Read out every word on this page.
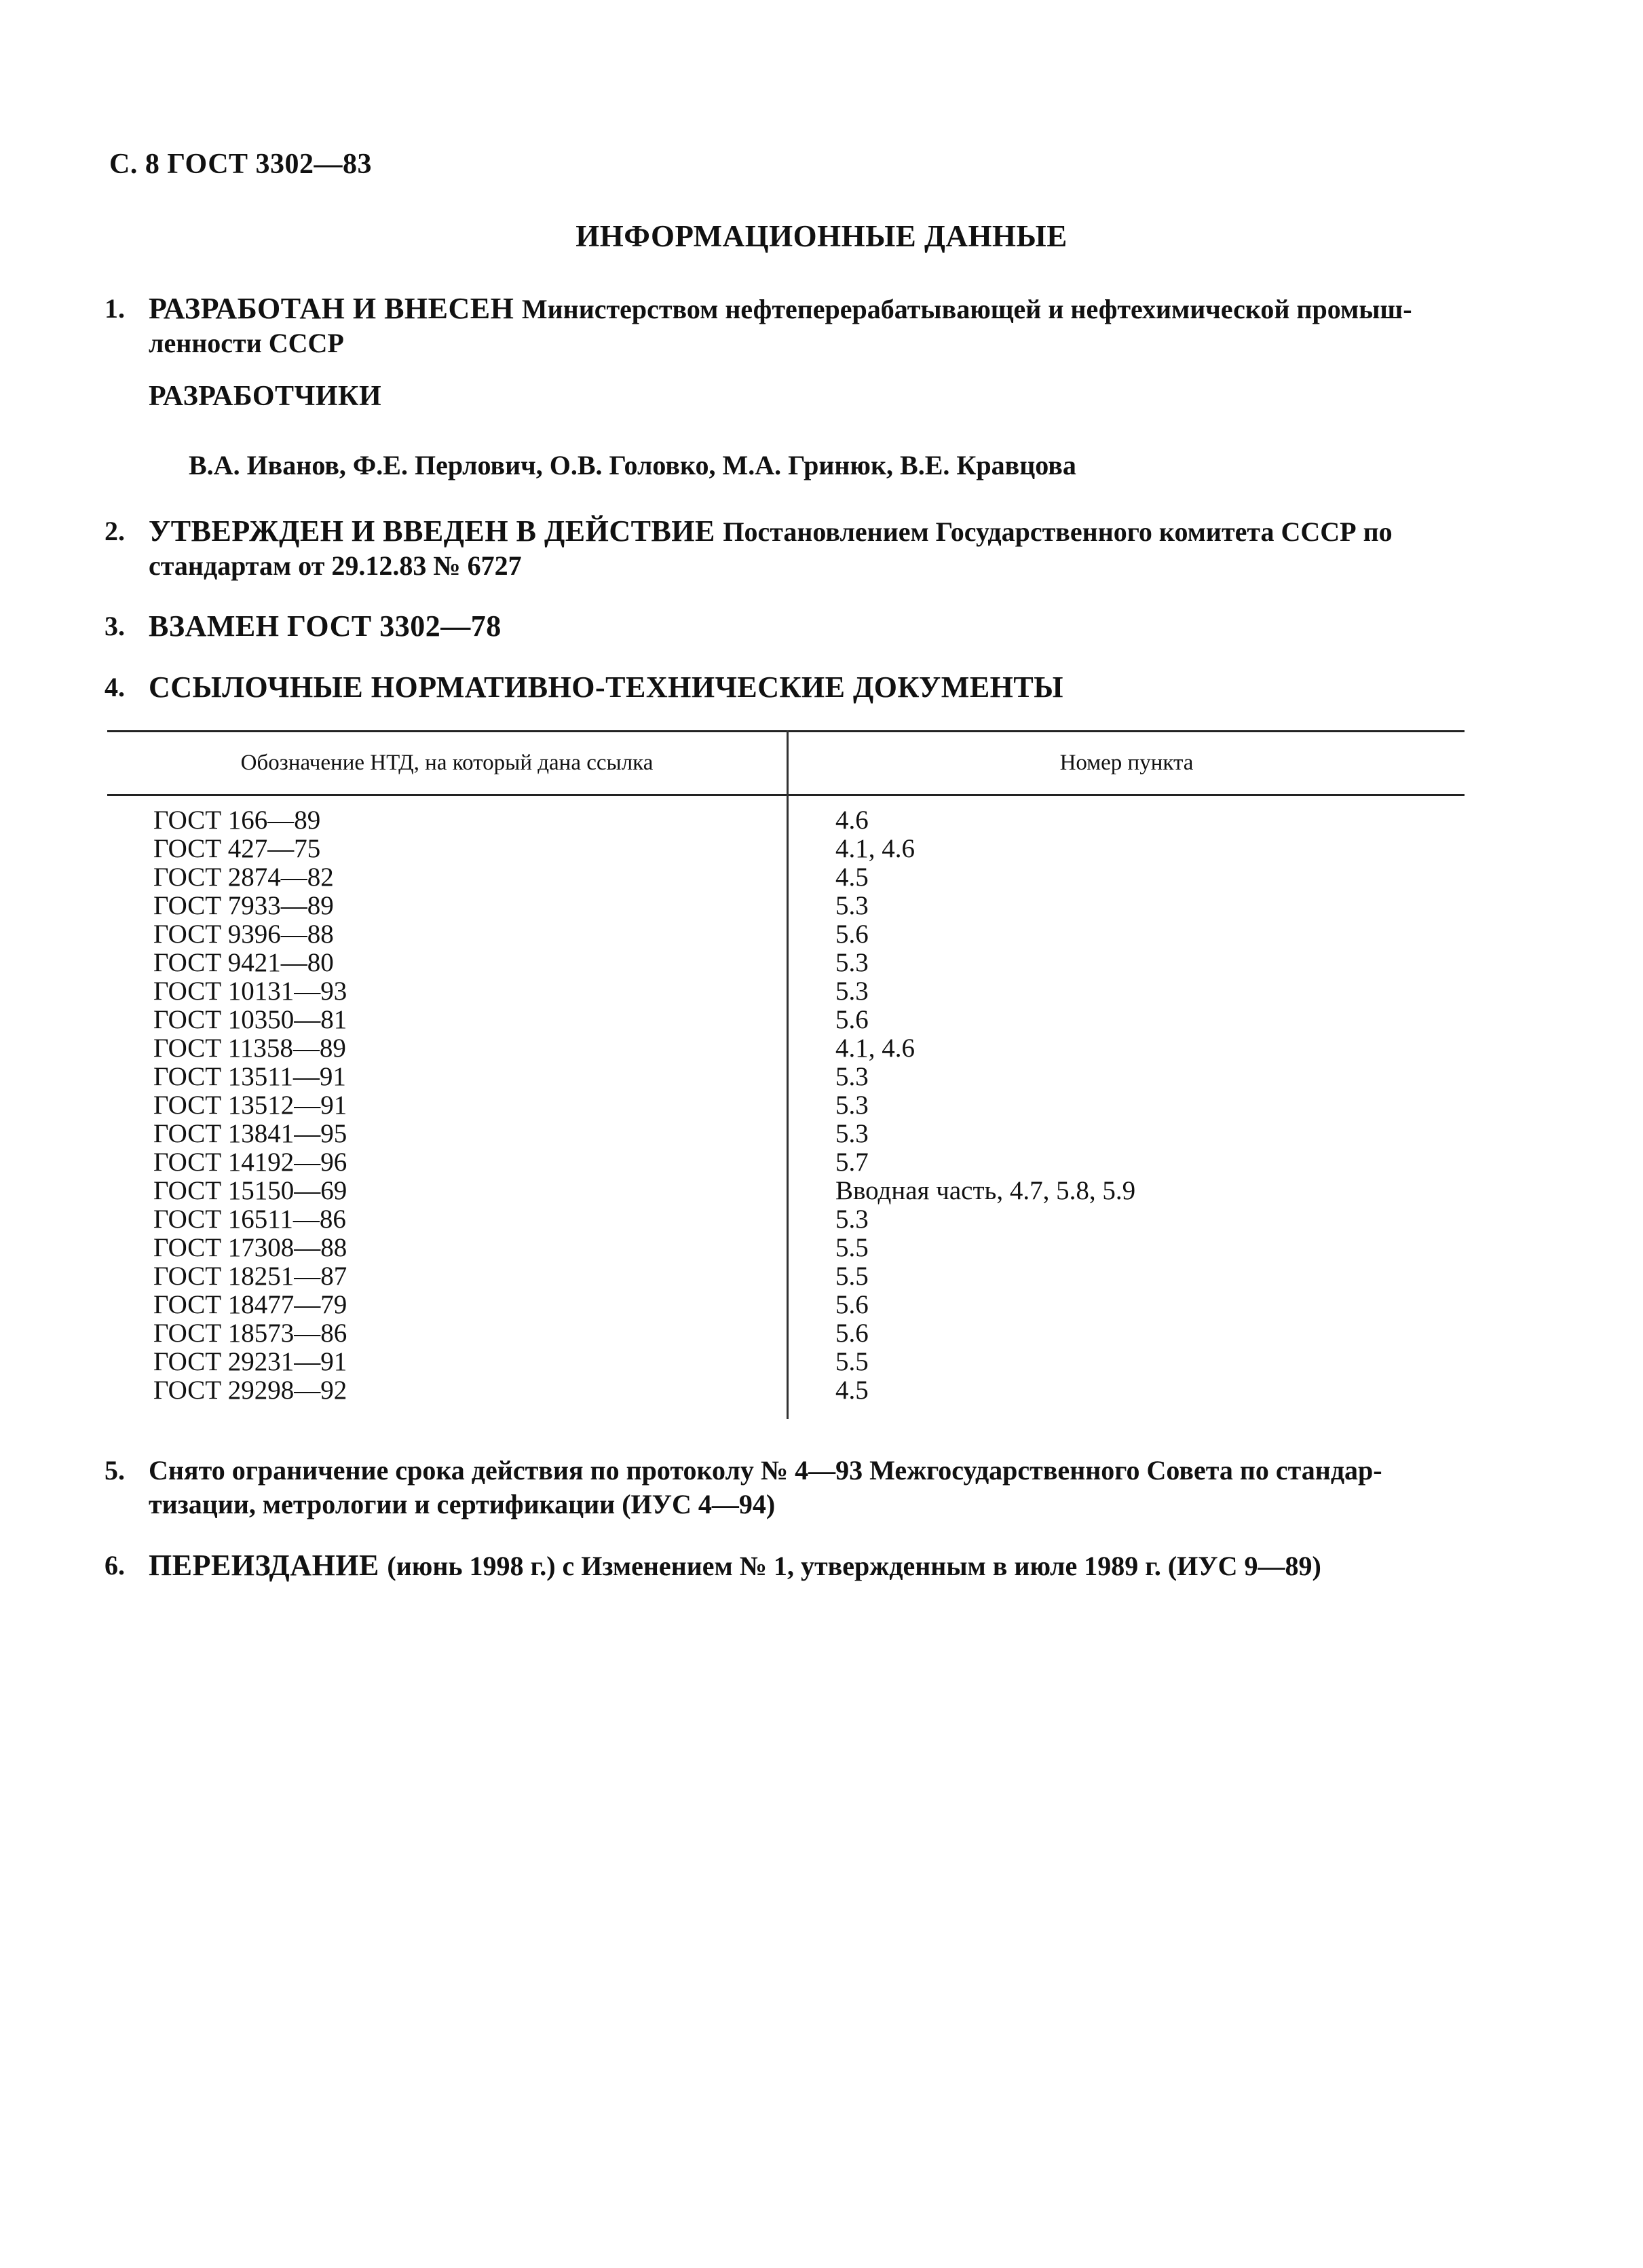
С. 8 ГОСТ 3302—83
ИНФОРМАЦИОННЫЕ ДАННЫЕ
1. РАЗРАБОТАН И ВНЕСЕН Министерством нефтеперерабатывающей и нефтехимической промыш-
ленности СССР
РАЗРАБОТЧИКИ
В.А. Иванов, Ф.Е. Перлович, О.В. Головко, М.А. Гринюк, В.Е. Кравцова
2. УТВЕРЖДЕН И ВВЕДЕН В ДЕЙСТВИЕ Постановлением Государственного комитета СССР по
стандартам от 29.12.83 № 6727
3. ВЗАМЕН ГОСТ 3302—78
4. ССЫЛОЧНЫЕ НОРМАТИВНО-ТЕХНИЧЕСКИЕ ДОКУМЕНТЫ
Обозначение НТД, на который дана ссылка	Номер пункта
ГОСТ 166—89	4.6
ГОСТ 427—75	4.1, 4.6
ГОСТ 2874—82	4.5
ГОСТ 7933—89	5.3
ГОСТ 9396—88	5.6
ГОСТ 9421—80	5.3
ГОСТ 10131—93	5.3
ГОСТ 10350—81	5.6
ГОСТ 11358—89	4.1, 4.6
ГОСТ 13511—91	5.3
ГОСТ 13512—91	5.3
ГОСТ 13841—95	5.3
ГОСТ 14192—96	5.7
ГОСТ 15150—69	Вводная часть, 4.7, 5.8, 5.9
ГОСТ 16511—86	5.3
ГОСТ 17308—88	5.5
ГОСТ 18251—87	5.5
ГОСТ 18477—79	5.6
ГОСТ 18573—86	5.6
ГОСТ 29231—91	5.5
ГОСТ 29298—92	4.5
5. Снято ограничение срока действия по протоколу № 4—93 Межгосударственного Совета по стандар-
тизации, метрологии и сертификации (ИУС 4—94)
6. ПЕРЕИЗДАНИЕ (июнь 1998 г.) с Изменением № 1, утвержденным в июле 1989 г. (ИУС 9—89)
